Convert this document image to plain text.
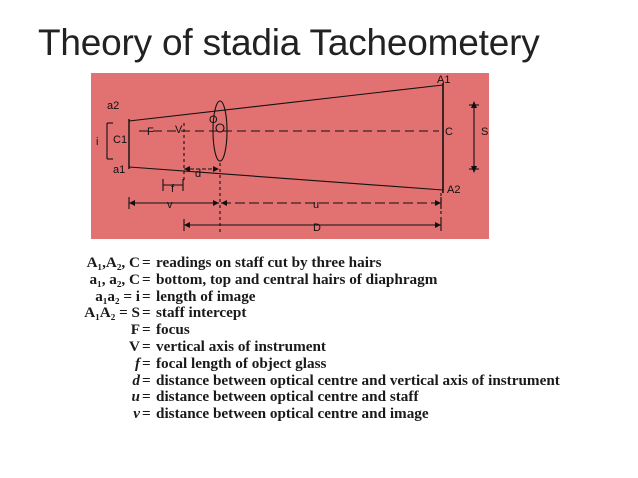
Theory of stadia Tacheometery
a2
a1
i C1
F V
O
d
f
v	u
D
A1
A2
C	S
A₁,A₂, C = readings on staff cut by three hairs
a₁, a₂, C = bottom, top and central hairs of diaphragm
a₁a₂ = i = length of image
A₁A₂ = S = staff intercept
F = focus
V = vertical axis of instrument
f = focal length of object glass
d = distance between optical centre and vertical axis of instrument
u = distance between optical centre and staff
v = distance between optical centre and image
